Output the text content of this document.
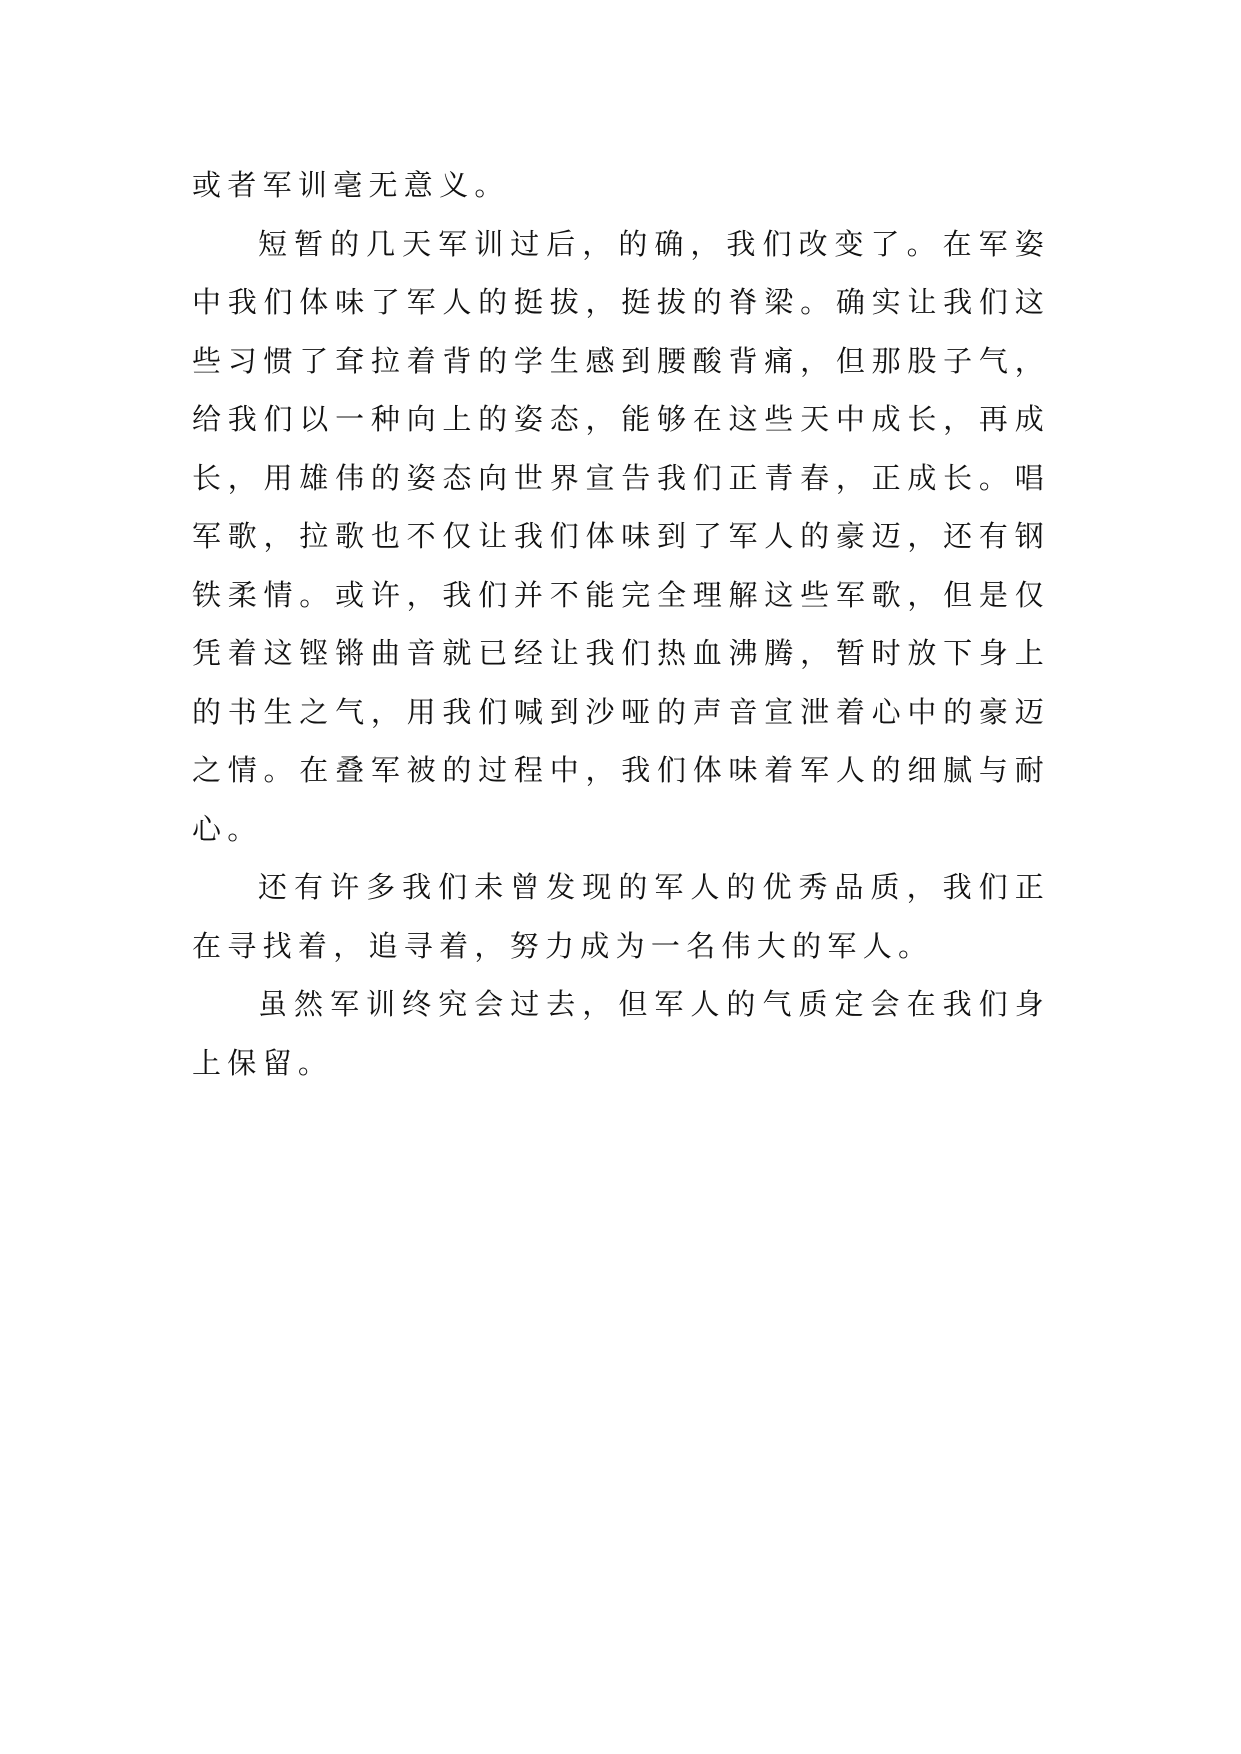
或者军训毫无意义。

短暂的几天军训过后，的确，我们改变了。在军姿中我们体味了军人的挺拔，挺拔的脊梁。确实让我们这些习惯了耷拉着背的学生感到腰酸背痛，但那股子气，给我们以一种向上的姿态，能够在这些天中成长，再成长，用雄伟的姿态向世界宣告我们正青春，正成长。唱军歌，拉歌也不仅让我们体味到了军人的豪迈，还有钢铁柔情。或许，我们并不能完全理解这些军歌，但是仅凭着这铿锵曲音就已经让我们热血沸腾，暂时放下身上的书生之气，用我们喊到沙哑的声音宣泄着心中的豪迈之情。在叠军被的过程中，我们体味着军人的细腻与耐心。

还有许多我们未曾发现的军人的优秀品质，我们正在寻找着，追寻着，努力成为一名伟大的军人。

虽然军训终究会过去，但军人的气质定会在我们身上保留。
